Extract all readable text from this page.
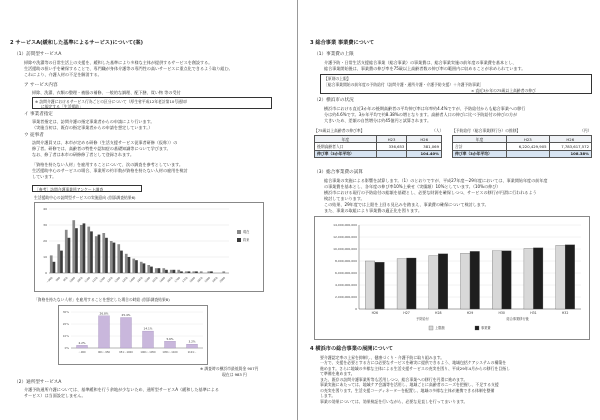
2 サービスA(緩和した基準によるサービス)について(案)
（1）訪問型サービスA
掃除や洗濯等の日常生活上の支援を、緩和した基準により多様な主体が提供するサービスを創設する。
生活援助の担い手を確保することで、専門職が身体介護等の専門性の高いサービスに重点化できるよう取り組む。
これにより、介護人材の不足を解消する。
ア サービス内容
掃除、洗濯、衣類の整理・被服の補修、一般的な調理、配下膳、買い物 等の受付
※ 訪問介護におけるサービス行為ごとの区分について（厚生省平成12年老計第10号通知）
に規定する「生活援助」
イ 事業者指定
事業者指定は、訪問介護の指定事業者からの申請により行います。
（実施当初は、既存の指定事業者からの申請を想定しています。）
ウ 従事者
訪問介護員又は、本市が定める研修（生活支援サービス従事者研修（仮称））の
修了者。研修では、高齢者の特性や認知症の基礎知識等について学びます。
なお、修了者は本市の研修修了者として登録されます。
「資格を持たない人材」を雇用することについて、次の調査を参考としています。
生活援助中心のサービスの場合、事業所の約半数が資格を持たない人材の雇用を検討
しています。
［参考］訪問介護事業所アンケート調査
生活援助中心の訪問型サービスの実施意向 (別添調査結果6)
0
10
20
30
40
～900 900 950 1000 1050 1100 1150 1200 1250 1300 1350 1400 1450 1500 1550 1600 1650 1700 1750 1800 1850 1900 1950 2000
現在
将来
「資格を持たない人材」を雇用することを想定した場合の時給 (別添調査結果8)
0%
10%
20%
30%
2.2%
～900
26.8%
901～950
25.4%
951～1000
14.1%
1001～1050
5.6%
1051～1100
3.2%
1101～
※ 調査時の横浜市最低賃金 907円
現在は 983 円
（2）通所型サービスA
介護予防通所介護については、基準緩和を行う余地が少ないため、通所型サービスA（緩和した基準による
サービス）は当面設定しません。
3 総合事業 事業費について
（1）事業費の上限
介護予防・日常生活支援総合事業（総合事業）の事業費は、総合事業実施の前年度の事業費を基本とし、
総合事業開始後は、事業費の伸び率を75歳以上高齢者数の伸び率の範囲内に収めることが求められています。
【原則の上限】
［総合事業開始の前年度の予防給付（訪問介護・通所介護・介護予防支援）＋介護予防事業］
× 直近3か年の75歳以上高齢者の伸び
（2）横浜市の状況
横浜市における直近3か年の後期高齢者の平均伸び率は年率約4.4%ですが、予防給付からも総合事業への移行
分は約4.6%です。3か年平均で約8.38%の増となります。高齢者人口の伸びに比べ予防給付の伸びの方が
大きいため、差額の自然増分は約45億円と試算されます。
【75歳以上高齢者の伸び率】	（人）
年度	H23	H26
後期高齢者人口	336,653	381,069
伸び率（3か年平均）		104.40%
【予防給付（総合事業移行分）の推移】	（円）
年度	H23	H26
合計	6,220,429,905	7,783,617,572
伸び率（3か年平均）		108.38%
（3）総合事業費の試算
総合事業の実施による影響を試算します。（1）のとおりですが、平成27年度〜29年度においては、事業開始年度の前年度
の事業費を基本とし、各年度の伸び率10%上乗せ（実績額）10%としています。（10%の伸び）
横浜市における現行の予防給付の総額を基礎とし、必要な財源を確保しつつ、サービスの移行が円滑に行われるよう
検討してまいります。
この結果、29年度では上限を上回る見込みを踏まえ、事業費の確保について検討します。
また、事業の取組により事業費の適正化を図ります。
0
2,000,000,000
4,000,000,000
6,000,000,000
8,000,000,000
10,000,000,000
12,000,000,000
14,000,000,000
H26	H27	H28	H29	H30	H31	H32
予防給付	総合事業移行後
上限額	事業費
4 横浜市の総合事業の展開について
要介護認定率の上昇を抑制し、健康づくり・介護予防に取り組みます。
一方で、支援を必要とする方には必要なサービスを確実に提供できるよう、地域包括ケアシステムの構築を
進めます。さらに地域の多様な主体による生活支援サービスの充実を図り、平成29年4月からの移行を目指し
て準備を進めます。
また、既存の訪問介護事業所等も活用しつつ、総合事業への移行を円滑に進めます。
事業実施にあたっては、地域ケア会議等を活用し、地域ごとに高齢者のニーズを把握し、不足する支援
の充実を図ります。生活支援コーディネーターを配置し、地域の多様な主体が連携できる体制を整備
します。
事業の効果については、効果検証を行いながら、必要な見直しを行ってまいります。
